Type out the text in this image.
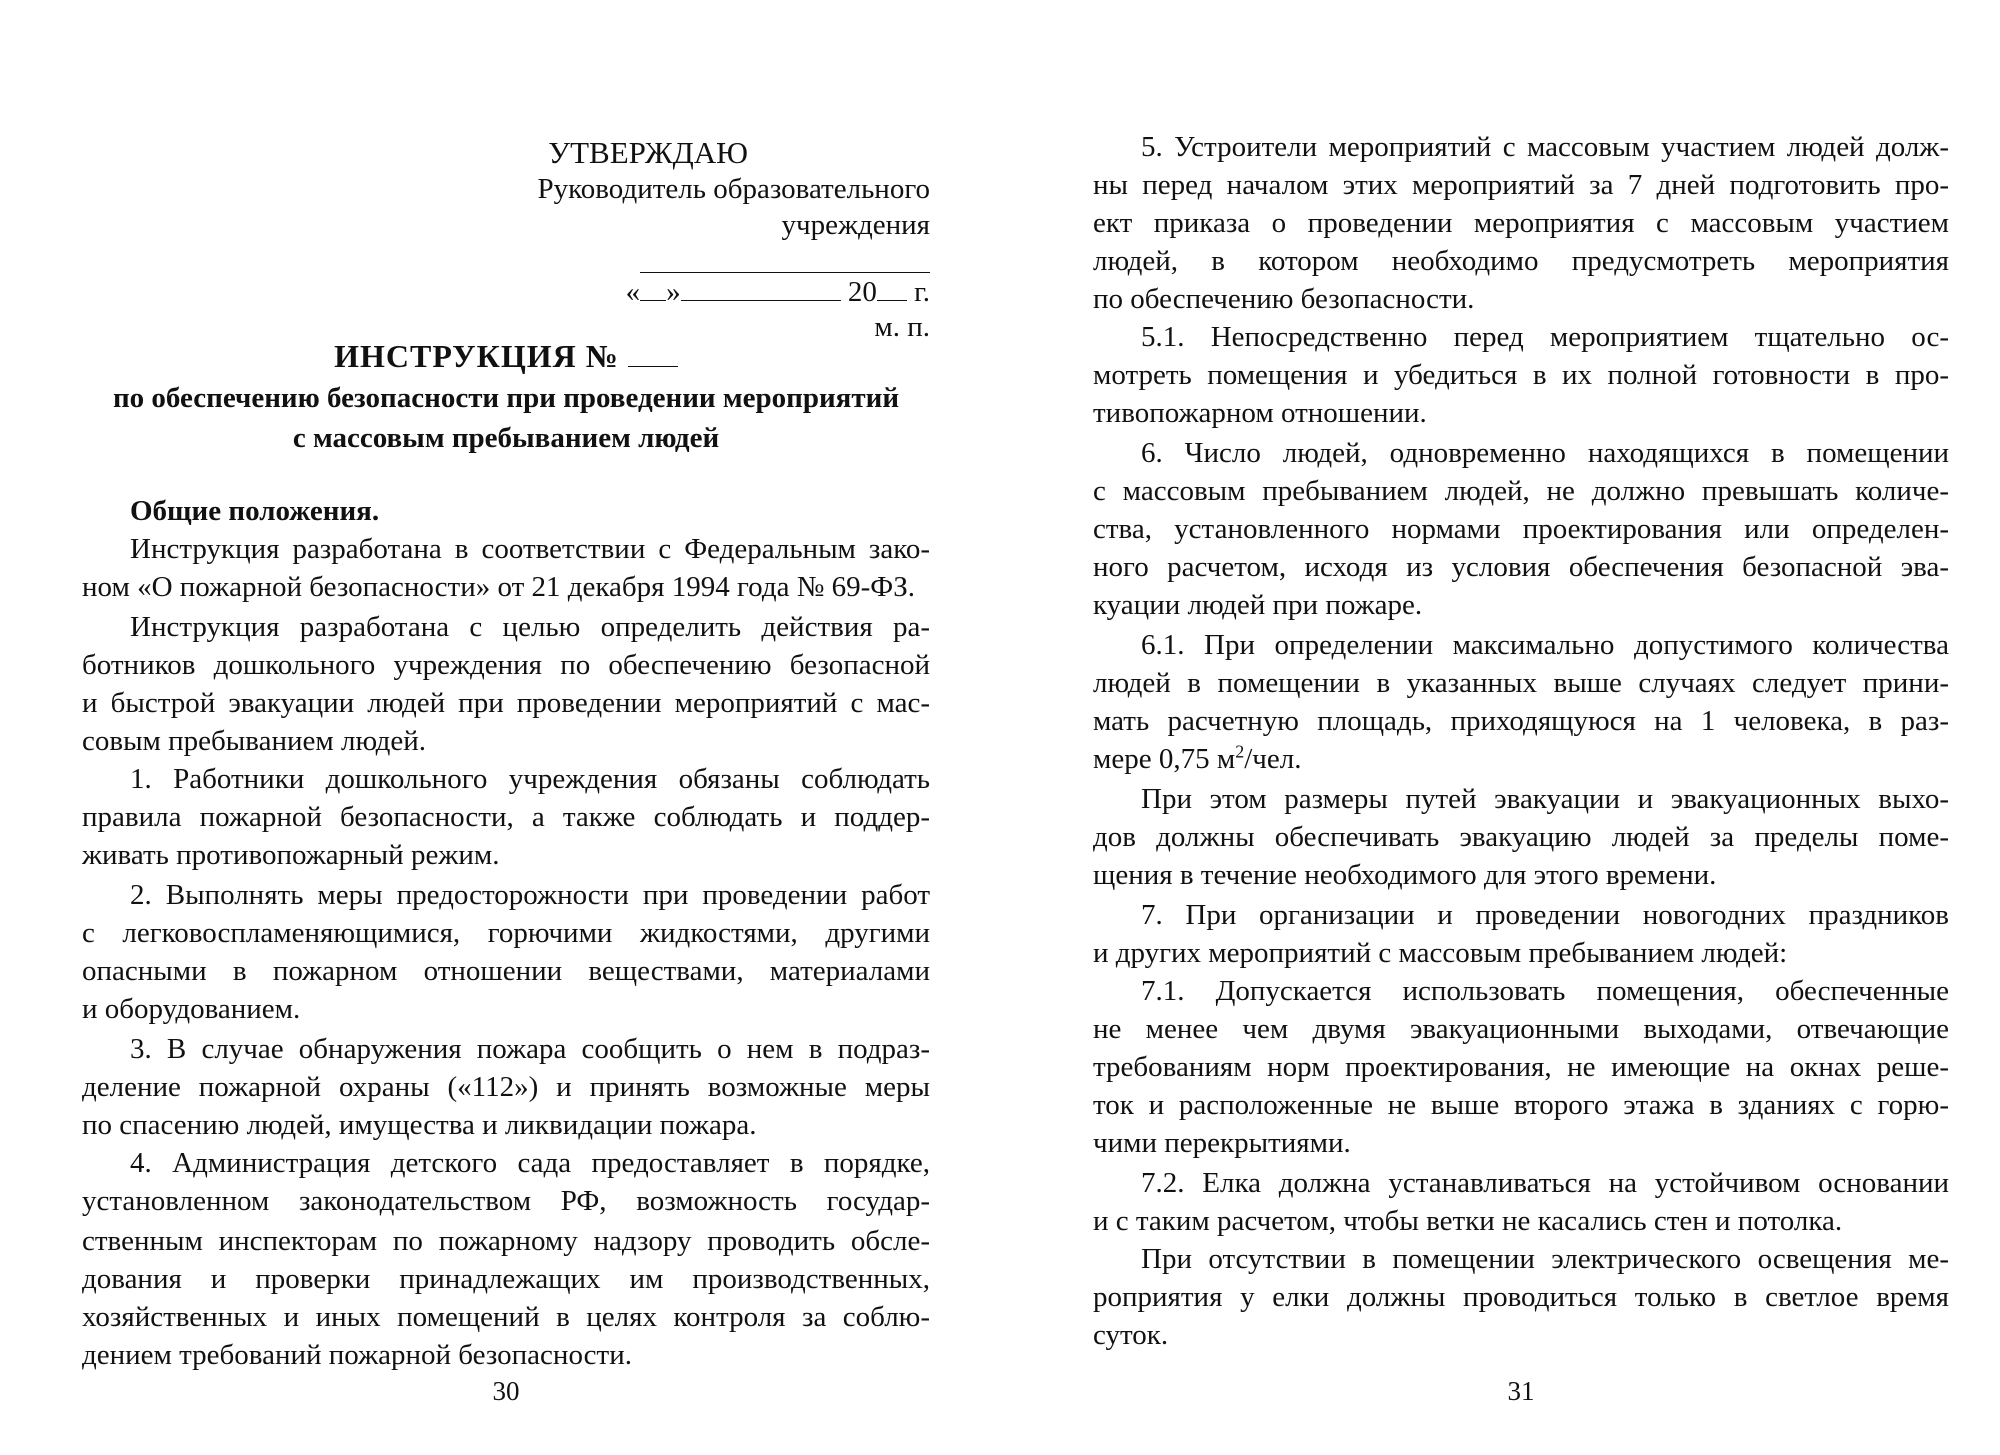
УТВЕРЖДАЮ
Руководитель образовательного
учреждения
« »	20 г.
м. п.
ИНСТРУКЦИЯ №
по обеспечению безопасности при проведении мероприятий
с массовым пребыванием людей
Общие положения.
Инструкция разработана в соответствии с Федеральным зако-
ном «О пожарной безопасности» от 21 декабря 1994 года № 69-ФЗ.
Инструкция разработана с целью определить действия ра-
ботников дошкольного учреждения по обеспечению безопасной
и быстрой эвакуации людей при проведении мероприятий с мас-
совым пребыванием людей.
1. Работники дошкольного учреждения обязаны соблюдать
правила пожарной безопасности, а также соблюдать и поддер-
живать противопожарный режим.
2. Выполнять меры предосторожности при проведении работ
с легковоспламеняющимися, горючими жидкостями, другими
опасными в пожарном отношении веществами, материалами
и оборудованием.
3. В случае обнаружения пожара сообщить о нем в подраз-
деление пожарной охраны («112») и принять возможные меры
по спасению людей, имущества и ликвидации пожара.
4. Администрация детского сада предоставляет в порядке,
установленном законодательством РФ, возможность государ-
ственным инспекторам по пожарному надзору проводить обсле-
дования и проверки принадлежащих им производственных,
хозяйственных и иных помещений в целях контроля за соблю-
дением требований пожарной безопасности.
30
5. Устроители мероприятий с массовым участием людей долж-
ны перед началом этих мероприятий за 7 дней подготовить про-
ект приказа о проведении мероприятия с массовым участием
людей, в котором необходимо предусмотреть мероприятия
по обеспечению безопасности.
5.1. Непосредственно перед мероприятием тщательно ос-
мотреть помещения и убедиться в их полной готовности в про-
тивопожарном отношении.
6. Число людей, одновременно находящихся в помещении
с массовым пребыванием людей, не должно превышать количе-
ства, установленного нормами проектирования или определен-
ного расчетом, исходя из условия обеспечения безопасной эва-
куации людей при пожаре.
6.1. При определении максимально допустимого количества
людей в помещении в указанных выше случаях следует прини-
мать расчетную площадь, приходящуюся на 1 человека, в раз-
мере 0,75 $м^2$/чел.
При этом размеры путей эвакуации и эвакуационных выхо-
дов должны обеспечивать эвакуацию людей за пределы поме-
щения в течение необходимого для этого времени.
7. При организации и проведении новогодних праздников
и других мероприятий с массовым пребыванием людей:
7.1. Допускается использовать помещения, обеспеченные
не менее чем двумя эвакуационными выходами, отвечающие
требованиям норм проектирования, не имеющие на окнах реше-
ток и расположенные не выше второго этажа в зданиях с горю-
чими перекрытиями.
7.2. Елка должна устанавливаться на устойчивом основании
и с таким расчетом, чтобы ветки не касались стен и потолка.
При отсутствии в помещении электрического освещения ме-
роприятия у елки должны проводиться только в светлое время
суток.
31
